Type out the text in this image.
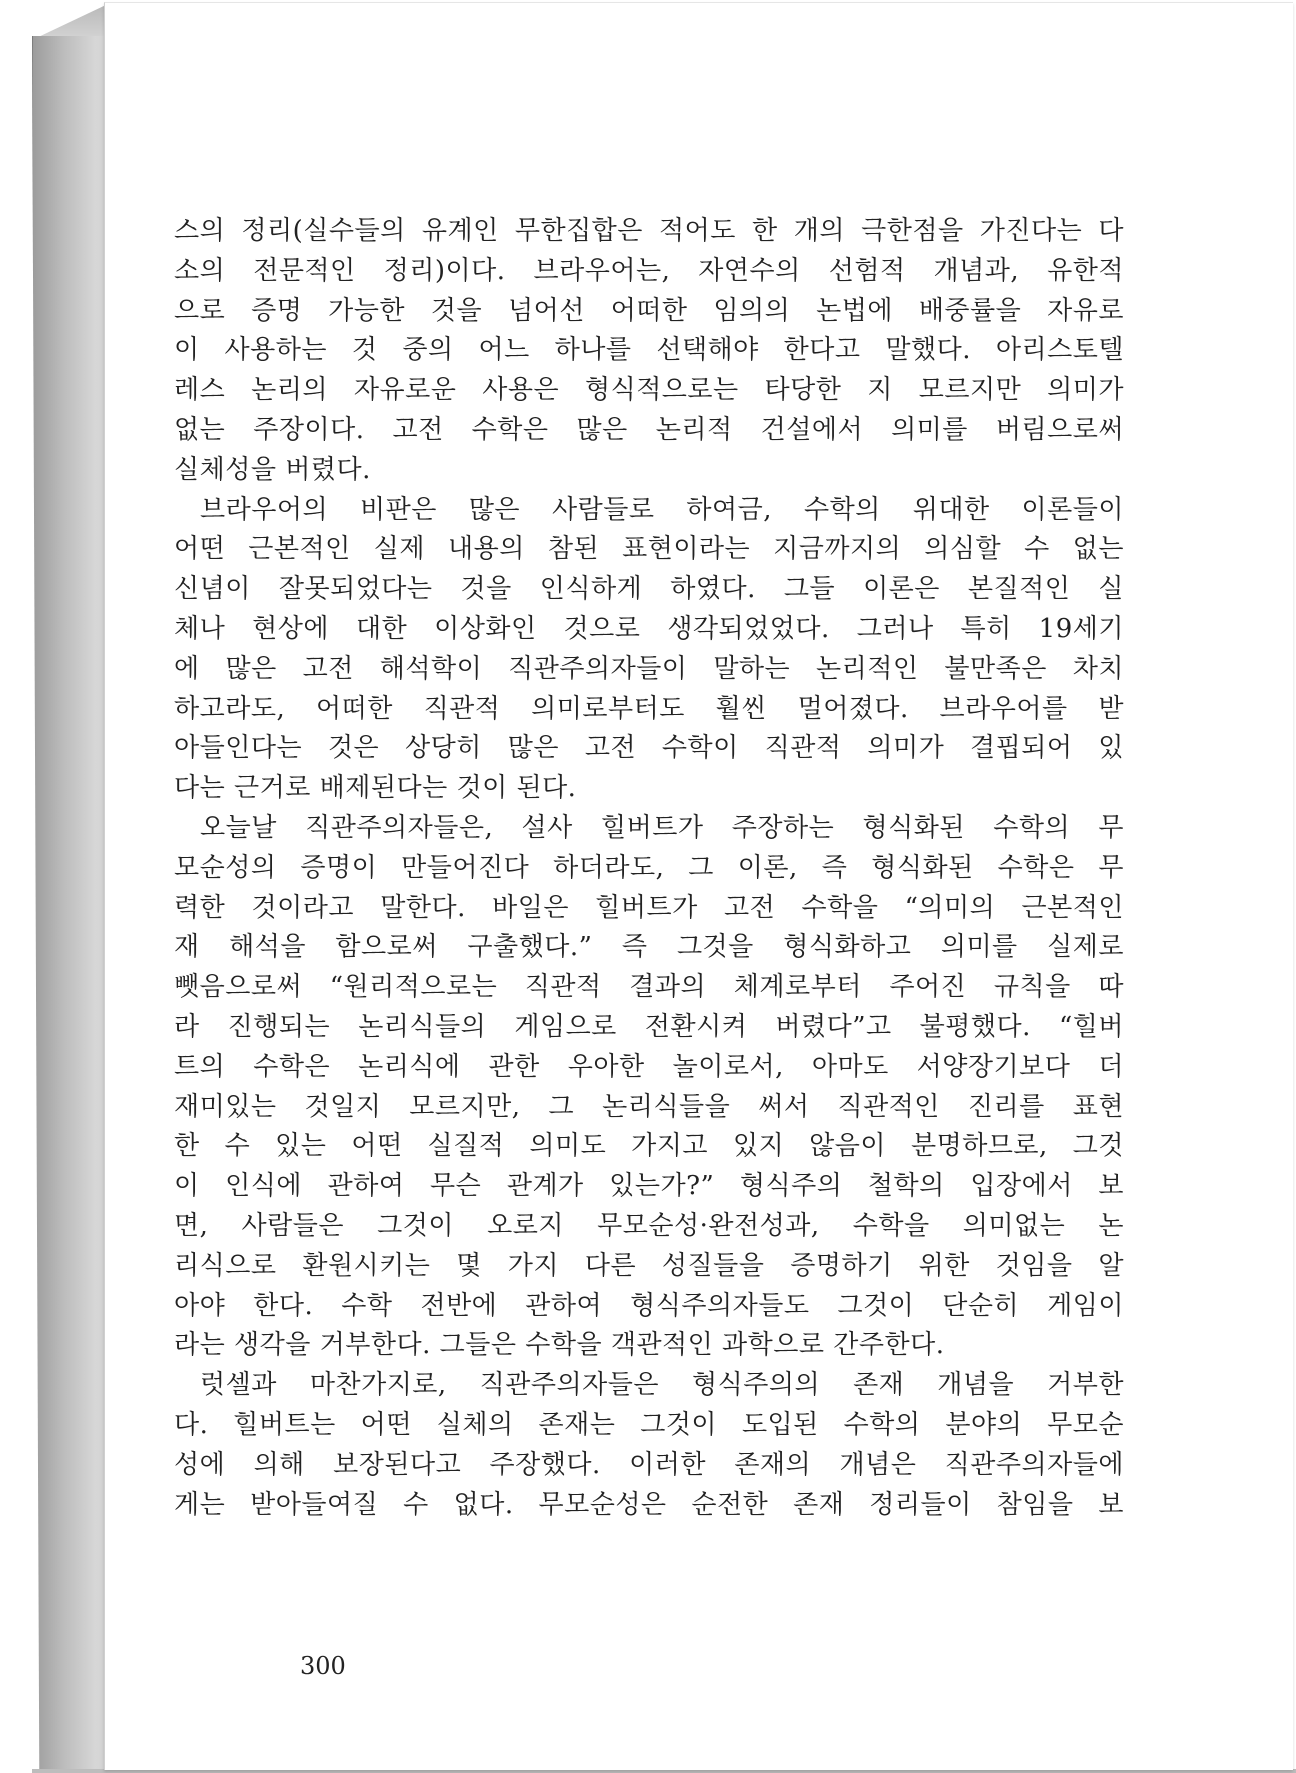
스의 정리(실수들의 유계인 무한집합은 적어도 한 개의 극한점을 가진다는 다
소의 전문적인 정리)이다. 브라우어는, 자연수의 선험적 개념과, 유한적
으로 증명 가능한 것을 넘어선 어떠한 임의의 논법에 배중률을 자유로
이 사용하는 것 중의 어느 하나를 선택해야 한다고 말했다. 아리스토텔
레스 논리의 자유로운 사용은 형식적으로는 타당한 지 모르지만 의미가
없는 주장이다. 고전 수학은 많은 논리적 건설에서 의미를 버림으로써
실체성을 버렸다.
브라우어의 비판은 많은 사람들로 하여금, 수학의 위대한 이론들이
어떤 근본적인 실제 내용의 참된 표현이라는 지금까지의 의심할 수 없는
신념이 잘못되었다는 것을 인식하게 하였다. 그들 이론은 본질적인 실
체나 현상에 대한 이상화인 것으로 생각되었었다. 그러나 특히 19세기
에 많은 고전 해석학이 직관주의자들이 말하는 논리적인 불만족은 차치
하고라도, 어떠한 직관적 의미로부터도 훨씬 멀어졌다. 브라우어를 받
아들인다는 것은 상당히 많은 고전 수학이 직관적 의미가 결핍되어 있
다는 근거로 배제된다는 것이 된다.
오늘날 직관주의자들은, 설사 힐버트가 주장하는 형식화된 수학의 무
모순성의 증명이 만들어진다 하더라도, 그 이론, 즉 형식화된 수학은 무
력한 것이라고 말한다. 바일은 힐버트가 고전 수학을 “의미의 근본적인
재 해석을 함으로써 구출했다.” 즉 그것을 형식화하고 의미를 실제로
뺏음으로써 “원리적으로는 직관적 결과의 체계로부터 주어진 규칙을 따
라 진행되는 논리식들의 게임으로 전환시켜 버렸다”고 불평했다. “힐버
트의 수학은 논리식에 관한 우아한 놀이로서, 아마도 서양장기보다 더
재미있는 것일지 모르지만, 그 논리식들을 써서 직관적인 진리를 표현
한 수 있는 어떤 실질적 의미도 가지고 있지 않음이 분명하므로, 그것
이 인식에 관하여 무슨 관계가 있는가?” 형식주의 철학의 입장에서 보
면, 사람들은 그것이 오로지 무모순성·완전성과, 수학을 의미없는 논
리식으로 환원시키는 몇 가지 다른 성질들을 증명하기 위한 것임을 알
아야 한다. 수학 전반에 관하여 형식주의자들도 그것이 단순히 게임이
라는 생각을 거부한다. 그들은 수학을 객관적인 과학으로 간주한다.
럿셀과 마찬가지로, 직관주의자들은 형식주의의 존재 개념을 거부한
다. 힐버트는 어떤 실체의 존재는 그것이 도입된 수학의 분야의 무모순
성에 의해 보장된다고 주장했다. 이러한 존재의 개념은 직관주의자들에
게는 받아들여질 수 없다. 무모순성은 순전한 존재 정리들이 참임을 보
300
